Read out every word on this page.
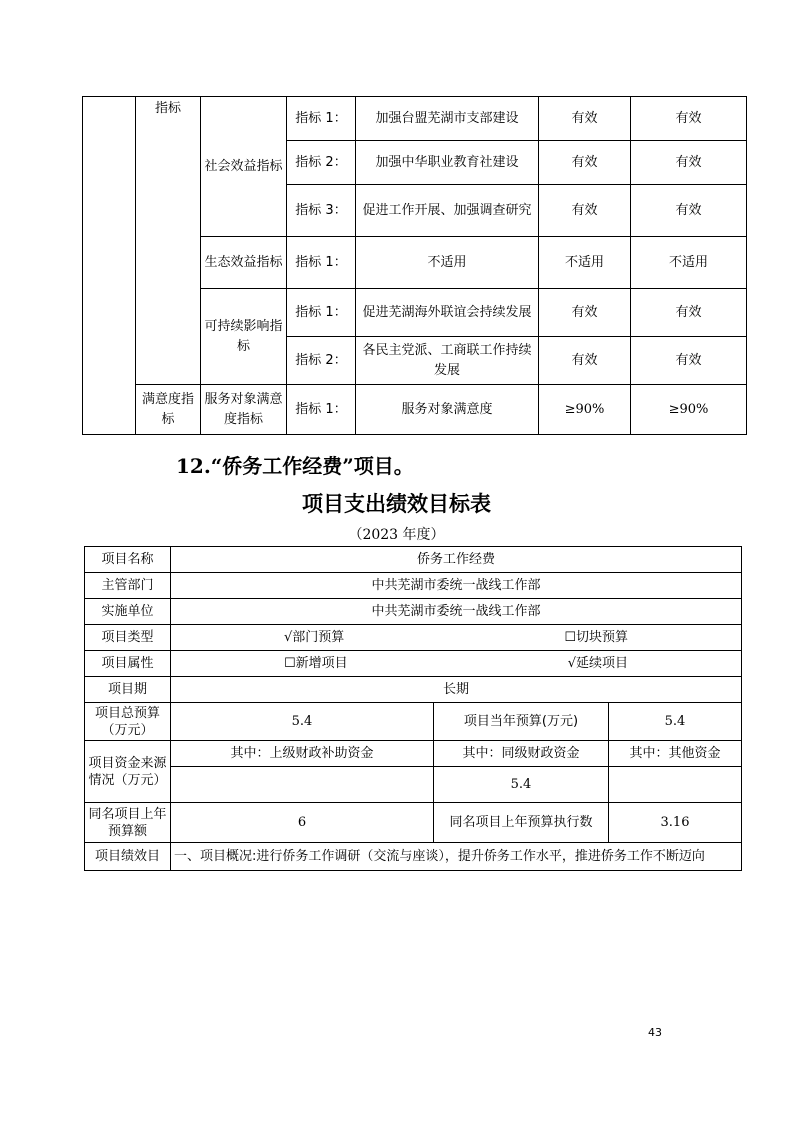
	指标	社会效益指标	指标 1：	加强台盟芜湖市支部建设	有效	有效
			指标 2：	加强中华职业教育社建设	有效	有效
			指标 3：	促进工作开展、加强调查研究	有效	有效
		生态效益指标	指标 1：	不适用	不适用	不适用
		可持续影响指标	指标 1：	促进芜湖海外联谊会持续发展	有效	有效
			指标 2：	各民主党派、工商联工作持续发展	有效	有效
	满意度指标	服务对象满意度指标	指标 1：	服务对象满意度	≥90%	≥90%
12.“侨务工作经费”项目。
项目支出绩效目标表
（2023 年度）
项目名称	侨务工作经费		
主管部门	中共芜湖市委统一战线工作部		
实施单位	中共芜湖市委统一战线工作部		
项目类型	√部门预算 ☐切块预算		

项目属性	☐新增项目 √延续项目		

项目期	长期		
项目总预算（万元）	5.4	项目当年预算(万元)	5.4
项目资金来源情况（万元）	其中：上级财政补助资金	其中：同级财政资金	其中：其他资金
		5.4	
同名项目上年预算额	6	同名项目上年预算执行数	3.16
项目绩效目	一、项目概况:进行侨务工作调研（交流与座谈），提升侨务工作水平，推进侨务工作不断迈向		
43
